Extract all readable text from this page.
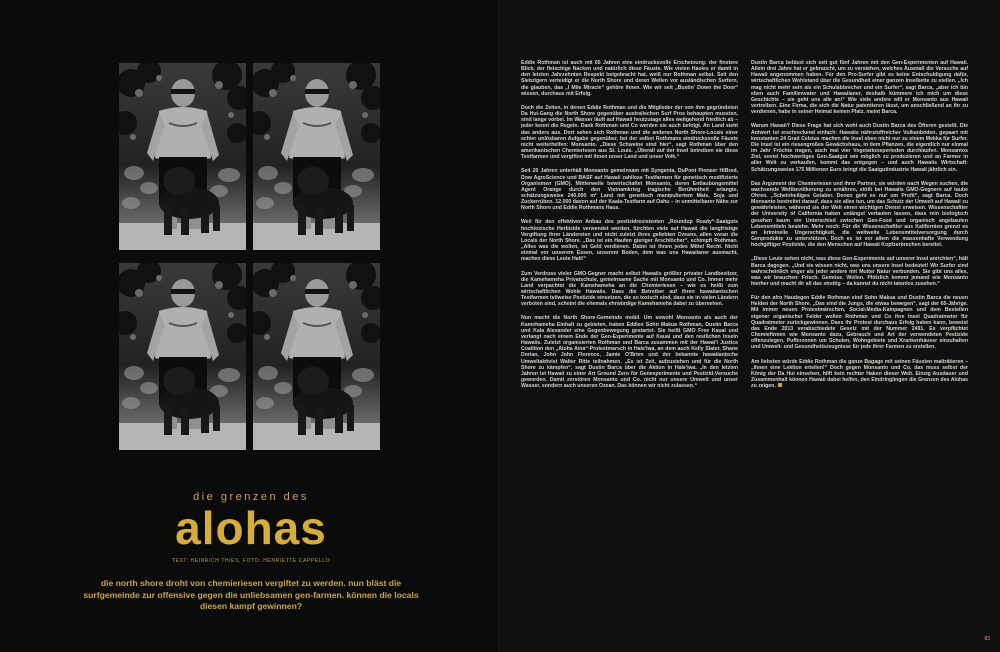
die grenzen des
alohas
TEXT: HEINRICH THIES, FOTO: HENRIETTE CAPPELLO
die north shore droht von chemieriesen vergiftet zu werden. nun bläst die surfgemeinde zur offensive gegen die unliebsamen gen-farmen. können die locals diesen kampf gewinnen?

Eddie Rothman ist auch mit 65 Jahren eine eindrucksvolle Erscheinung: der finstere Blick, der fleischige Nacken und natürlich diese Fäuste. Wie vielen Haoles er damit in den letzten Jahrzehnten Respekt beigebracht hat, weiß nur Rothman selbst. Seit den Siebzigern verteidigt er die North Shore und deren Wellen vor ausländischen Surfern, die glauben, das „I Mile Miracle“ gehöre ihnen. Wie wir seit „Bustin' Down the Door“ wissen, durchaus mit Erfolg.

Doch die Zeiten, in denen Eddie Rothman und die Mitglieder der von ihm gegründeten Da Hui-Gang die North Shore gegenüber australischen Surf Pros behaupten mussten, sind lange vorbei. Im Wasser läuft auf Hawaii heutzutage alles weitgehend friedlich ab – jeder kennt die Regeln. Dank Rothman und Co werden sie auch befolgt. An Land sieht das anders aus. Dort sehen sich Rothman und die anderen North Shore-Locals einer schier unlösbaren Aufgabe gegenüber, bei der selbst Rothmans eindrucksvolle Fäuste nicht weiterhelfen: Monsanto. „Diese Schweine sind hier“, sagt Rothman über den amerikanischen Chemieriesen aus St. Louis. „Überall auf der Insel betreiben sie diese Testfarmen und vergiften mit ihnen unser Land und unser Volk.“

Seit 20 Jahren unterhält Monsanto gemeinsam mit Syngenta, DuPont Pioneer HiBred, Dow AgroScience und BASF auf Hawaii zahllose Testfarmen für genetisch modifizierte Organismen (GMO). Mittlerweile bewirtschaftet Monsanto, deren Entlaubungsmittel Agent Orange durch den Vietnamkrieg tragische Berühmtheit erlangte, schätzungsweise 240.000 m² Land mit genetisch manipuliertem Mais, Soja und Zuckerrüben. 12.000 davon auf der Kaala-Testfarm auf Oahu – in unmittelbarer Nähe zur North Shore und Eddie Rothmans Haus.

Weil für den effektiven Anbau des pestizidresistenten „Roundup Ready“-Saatguts hochtoxische Herbizide verwendet werden, fürchten viele auf Hawaii die langfristige Vergiftung ihrer Ländereien und nicht zuletzt ihres geliebten Ozeans, allen voran die Locals der North Shore. „Das ist ein Haufen gieriger Arschlöcher“, schimpft Rothman. „Alles was die wollen, ist Geld verdienen. Dabei ist ihnen jedes Mittel Recht. Nicht einmal vor unserem Essen, unserem Boden, dem was uns Hawaiianer ausmacht, machen diese Leute Halt!“

Zum Verdruss vieler GMO-Gegner macht selbst Hawaiis größter privater Landbesitzer, die Kamehameha Privatschule, gemeinsame Sache mit Monsanto und Co. Immer mehr Land verpachtet die Kamehameha an die Chemieriesen – wie es heißt zum wirtschaftlichen Wohle Hawaiis. Dass die Betreiber auf ihren hawaiianischen Testfarmen teilweise Pestizide einsetzen, die so toxisch sind, dass sie in vielen Ländern verboten sind, scheint die ehemals ehrwürdige Kamehameha dabei zu übersehen.

Nun macht die North Shore-Gemeinde mobil. Um sowohl Monsanto als auch der Kamehameha Einhalt zu gebieten, haben Eddies Sohn Makua Rothman, Dustin Barca und Kala Alexander eine Gegenbewegung gestartet. Sie heißt GMO Free Kauai und verlangt nach einem Ende der Gen-Experimente auf Kauai und den restlichen Inseln Hawaiis. Zuletzt organisierten Rothman und Barca zusammen mit der Hawai'i Justice Coalition den „Aloha Aina“-Protestmarsch in Hale'iwa, an dem auch Kelly Slater, Shane Dorian, John John Florence, Jamie O'Brien und der bekannte hawaiianische Umweltaktivist Walter Ritte teilnahmen. „Es ist Zeit, aufzustehen und für die North Shore zu kämpfen“, sagt Dustin Barca über die Aktion in Hale'iwa. „In den letzten Jahren ist Hawaii zu einer Art Ground Zero für Genexperimente und Pestizid-Versuche geworden. Damit zerstören Monsanto und Co. nicht nur unsere Umwelt und unser Wasser, sondern auch unseren Ozean. Das können wir nicht zulassen.“

Dustin Barca belässt sich seit gut fünf Jahren mit den Gen-Experimenten auf Hawaii. Allein drei Jahre hat er gebraucht, um zu verstehen, welches Ausmaß die Versuche auf Hawaii angenommen haben. Für den Pro-Surfer gibt es keine Entschuldigung dafür, wirtschaftlichen Wohlstand über die Gesundheit einer ganzen Inselkette zu stellen. „Ich mag nicht mehr sein als ein Schulabbrecher und ein Surfer“, sagt Barca, „aber ich bin eben auch Familienvater und Hawaiianer, deshalb kümmere ich mich um diese Geschichte – sie geht uns alle an!“ Wie viele andere will er Monsanto aus Hawaii vertreiben. Eine Firma, die sich die Natur patentieren lässt, um anschließend an ihr zu verdienen, habe in seiner Heimat keinen Platz, meint Barca.

Warum Hawaii? Diese Frage hat sich wohl auch Dustin Barca des Öfteren gestellt. Die Antwort ist erschreckend einfach: Hawaiis nährstoffreicher Vulkanboden, gepaart mit konstanten 24 Grad Celsius machen die Insel eben nicht nur zu einem Mekka für Surfer. Die Insel ist ein riesengroßes Gewächshaus, in dem Pflanzen, die eigentlich nur einmal im Jahr Früchte tragen, auch mal vier Vegetationsperioden durchlaufen. Monsantos Ziel, soviel hochwertiges Gen-Saatgut wie möglich zu produzieren und an Farmer in aller Welt zu verkaufen, kommt das entgegen – und auch Hawaiis Wirtschaft: Schätzungsweise 175 Millionen Euro bringt die Saatgutindustrie Hawaii jährlich ein.

Das Argument der Chemieriesen und ihrer Partner, sie würden nach Wegen suchen, die wachsende Weltbevölkerung zu ernähren, stößt bei Hawaiis GMO-Gegnern auf taube Ohren. „Scheinheiliges Gelaber. Denen geht es nur um Profit“, sagt Barca. Doch Monsanto bestreitet darauf, dass sie alles tun, um das Schutz der Umwelt auf Hawaii zu gewährleisten, während sie der Welt einen wichtigen Dienst erweisen. Wissenschaftler der University of California haben unlängst verlauten lassen, dass rein biologisch gesehen kaum ein Unterschied zwischen Gen-Food und organisch angebauten Lebensmitteln bestehe. Mehr noch: Für die Wissenschaftler aus Kalifornien grenzt es an kriminelle Ungerechtigkeit, die weltweite Lebensmittelversorgung durch Genprodukte zu unterstützen. Doch es ist vor allem die massenhafte Verwendung hochgiftiger Pestizide, die den Menschen auf Hawaii Kopfzerbrechen bereitet.

„Diese Leute sehen nicht, was diese Gen-Experimente auf unserer Insel anrichten“, hält Barca dagegen. „Und sie wissen nicht, was uns unsere Insel bedeutet! Wir Surfer sind wahrscheinlich enger als jeder andere mit Mutter Natur verbunden. Sie gibt uns alles, was wir brauchen: Frisch. Gemüse. Wellen. Plötzlich kommt jemand wie Monsanto hierher und macht dir all das streitig – da kannst du nicht tatenlos zusehen.“

Für den afro Haudegen Eddie Rothman sind Sohn Makua und Dustin Barca die neuen Helden der North Shore. „Das sind die Jungs, die etwas bewegen“, sagt der 65-Jährige. Mit immer neuen Protestmärschen, Social-Media-Kampagnen und dem Bestellen eigener organischer Felder wollen Rothman und Co ihre Insel Quadratmeter für Quadratmeter zurückgewinnen. Dass ihr Protest durchaus Erfolg haben kann, beweist das Ende 2013 verabschiedete Gesetz mit der Nummer 2491. Es verpflichtet Chemiefirmen wie Monsanto dazu, Gebrauch und Art der verwendeten Pestizide offenzulegen. Pufferzonen um Schulen, Wohngebiete und Krankenhäuser einzuhalten und Umwelt- und Gesundheitszeugnisse für jede ihrer Farmen zu erstellen.

Am liebsten würde Eddie Rothman die ganze Bagage mit seinen Fäusten malträtieren – „ihnen eine Lektion erteilen!“ Doch gegen Monsanto und Co, das muss selbst der König der Da Hui einsehen, hilft kein rechter Haken dieser Welt. Einzig Ausdauer und Zusammenhalt können Hawaii dabei helfen, den Eindringlingen die Grenzen des Alohas zu zeigen.

83
